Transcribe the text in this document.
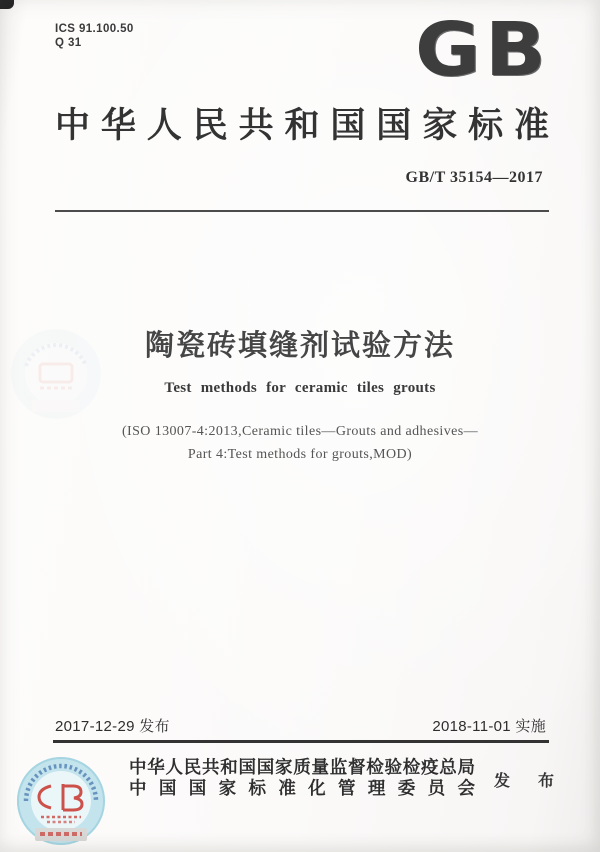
ICS 91.100.50
Q 31	GB
中华人民共和国国家标准
GB/T 35154—2017
陶瓷砖填缝剂试验方法
Test methods for ceramic tiles grouts
(ISO 13007-4:2013,Ceramic tiles—Grouts and adhesives—
Part 4:Test methods for grouts,MOD)
2017-12-29 发布	2018-11-01 实施
中华人民共和国国家质量监督检验检疫总局
中国国家标准化管理委员会 发 布
